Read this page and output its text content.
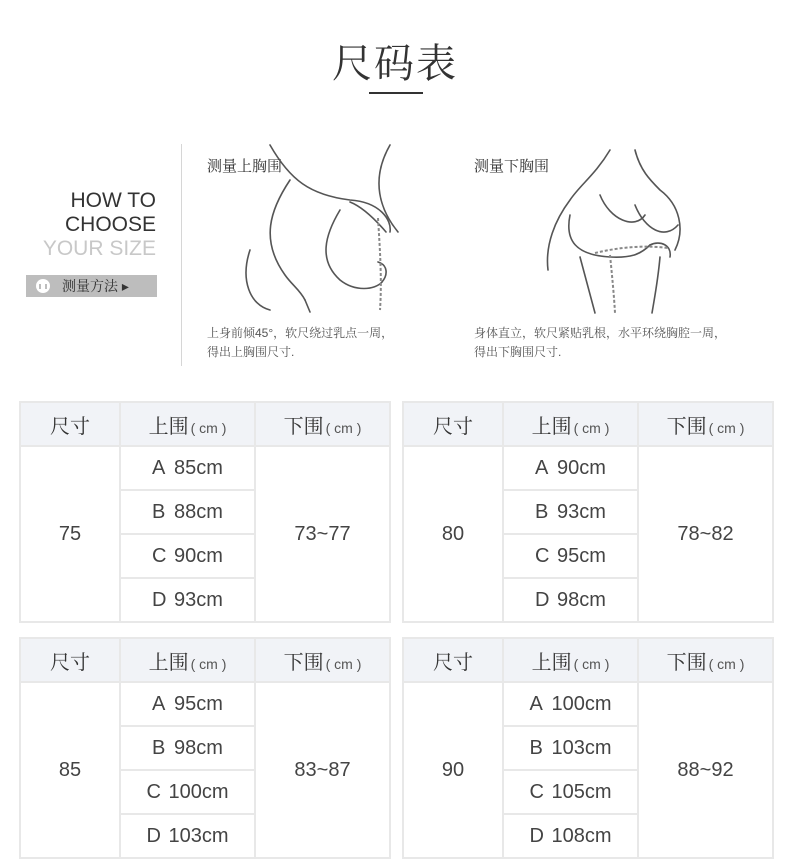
尺码表
HOW TO
CHOOSE
YOUR SIZE
测量方法 ▸
测量上胸围
上身前倾45°，软尺绕过乳点一周，
得出上胸围尺寸.
测量下胸围
身体直立，软尺紧贴乳根，水平环绕胸腔一周，
得出下胸围尺寸.
尺寸	上围 ( cm )	下围 ( cm )
75	A 85cm	73~77
	B 88cm	
	C 90cm	
	D 93cm	
尺寸	上围 ( cm )	下围 ( cm )
80	A 90cm	78~82
	B 93cm	
	C 95cm	
	D 98cm	
尺寸	上围 ( cm )	下围 ( cm )
85	A 95cm	83~87
	B 98cm	
	C 100cm	
	D 103cm	
尺寸	上围 ( cm )	下围 ( cm )
90	A 100cm	88~92
	B 103cm	
	C 105cm	
	D 108cm	
